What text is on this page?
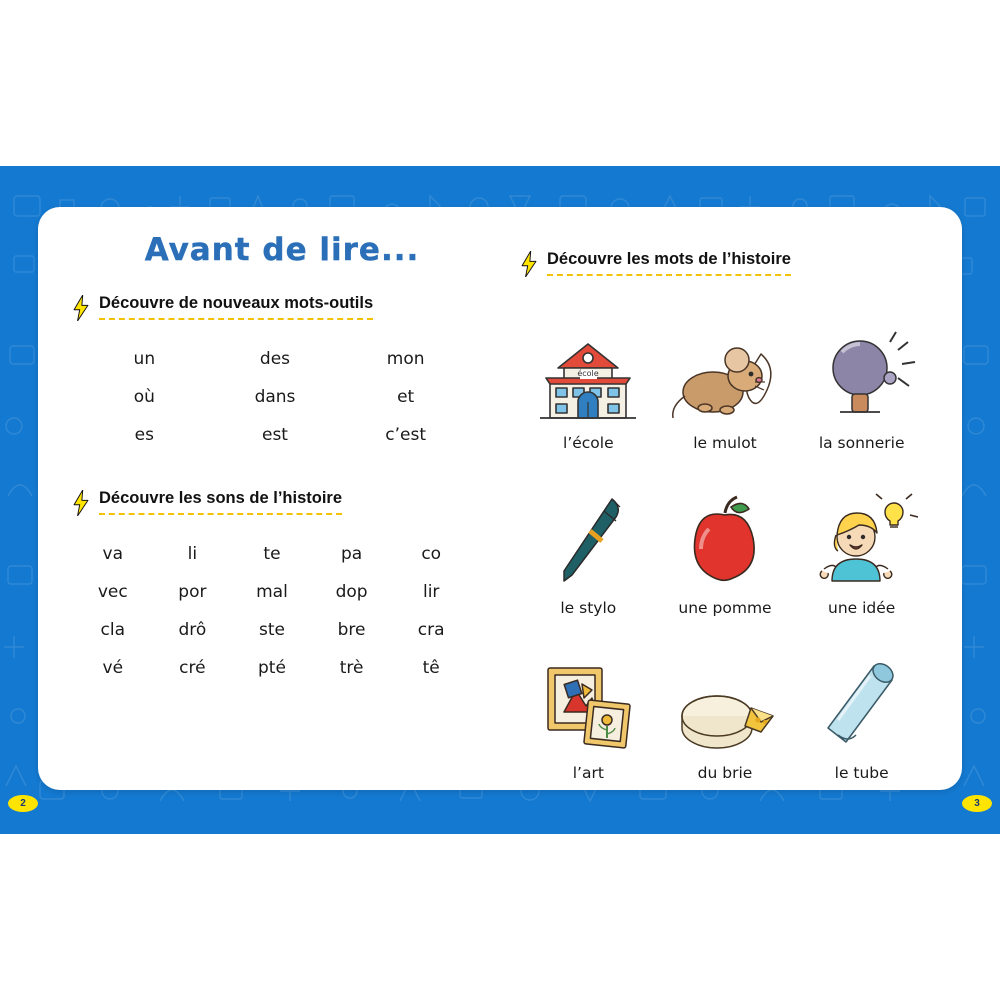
2	3
Avant de lire...
Découvre de nouveaux mots-outils
un	des	mon
où	dans	et
es	est	c’est
Découvre les sons de l’histoire
va	li	te	pa	co
vec	por	mal	dop	lir
cla	drô	ste	bre	cra
vé	cré	pté	trè	tê
Découvre les mots de l’histoire
école
l’école	le mulot	la sonnerie
le stylo	une pomme	une idée
l’art	du brie	le tube
